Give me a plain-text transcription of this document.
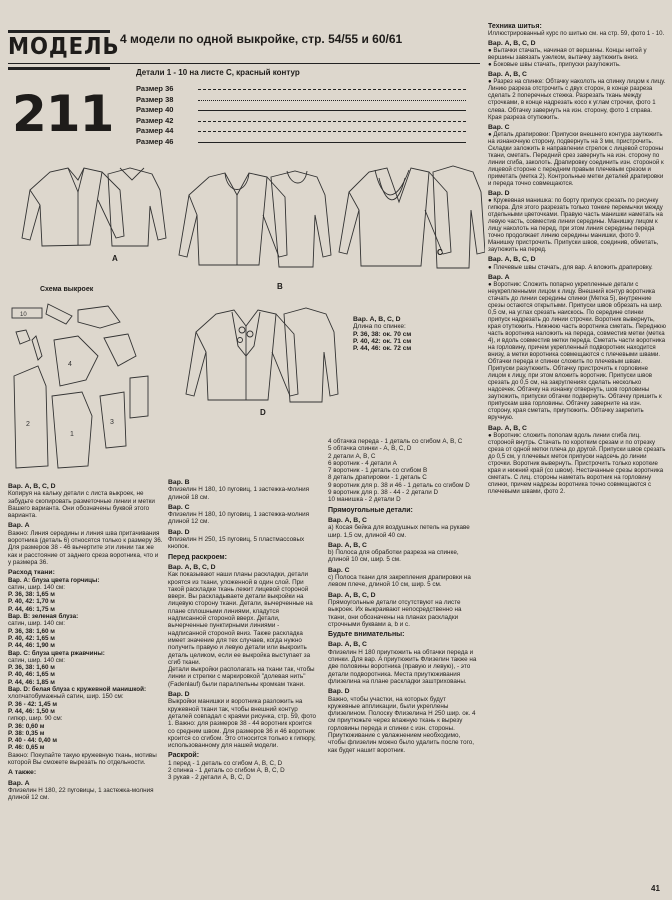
МОДЕЛЬ
211
4 модели по одной выкройке, стр. 54/55 и 60/61
Детали 1 - 10 на листе С, красный контур
Размер 36
Размер 38
Размер 40
Размер 42
Размер 44
Размер 46
A
B
C
Схема выкроек
2
1
3
4
10
D

Вар. A, B, C, D

Длина по спинке:

P. 36, 38: ок. 70 см

P. 40, 42: ок. 71 см

P. 44, 46: ок. 72 см

Вар. A, B, C, D

Копируя на кальку детали с листа выкроек, не забудьте скопировать разметочные линии и метки Вашего варианта. Они обозначены буквой этого варианта.

Вар. A

Важно: Линия середины и линия шва притачивания воротника (деталь 6) относятся только к размеру 36. Для размеров 38 - 46 вычертите эти линии так же как и расстояние от заднего среза воротника, что и у размера 36.

Расход ткани:

Вар. A: блуза цвета горчицы:

сатин, шир. 140 см:

P. 36, 38: 1,65 м

P. 40, 42: 1,70 м

P. 44, 46: 1,75 м

Вар. B: зеленая блуза:

сатин, шир. 140 см:

P. 36, 38: 1,60 м

P. 40, 42: 1,65 м

P. 44, 46: 1,90 м

Вар. C: блуза цвета ржавчины:

сатин, шир. 140 см:

P. 36, 38: 1,60 м

P. 40, 46: 1,65 м

P. 44, 46: 1,85 м

Вар. D: белая блуза с кружевной манишкой:

хлопчатобумажный сатин, шир. 150 см:

P. 36 - 42: 1,45 м

P. 44, 46: 1,50 м

гипюр, шир. 90 см:

P. 36: 0,60 м

P. 38: 0,35 м

P. 40 - 44: 0,40 м

P. 46: 0,65 м

Важно: Покупайте такую кружевную ткань, мотивы которой Вы сможете вырезать по отдельности.

А также:

Вар. A

Флизелин Н 180, 22 пуговицы, 1 застежка-молния длиной 12 см.

Вар. B

Флизелин Н 180, 10 пуговиц, 1 застежка-молния длиной 18 см.

Вар. C

Флизелин Н 180, 10 пуговиц, 1 застежка-молния длиной 12 см.

Вар. D

Флизелин Н 250, 15 пуговиц, 5 пластмассовых кнопок.

Перед раскроем:

Вар. A, B, C, D

Как показывают наши планы раскладки, детали кроятся из ткани, уложенной в один слой. При такой раскладке ткань лежит лицевой стороной вверх. Вы раскладываете детали выкройки на лицевую сторону ткани. Детали, вычерченные на плане сплошными линиями, кладутся надписанной стороной вверх. Детали, вычерченные пунктирными линиями - надписанной стороной вниз. Также раскладка имеет значение для тех случаев, когда нужно получить правую и левую детали или выкроить деталь целиком, если ее выкройка выступает за сгиб ткани.

Детали выкройки располагать на ткани так, чтобы линии и стрелки с маркировкой "долевая нить" (Fadenlauf) были параллельны кромкам ткани.

Вар. D

Выкройки манишки и воротника разложить на кружевной ткани так, чтобы внешний контур деталей совпадал с краями рисунка, стр. 59, фото 1. Важно: для размеров 38 - 44 воротник кроится со средним швом. Для размеров 36 и 46 воротник кроится со сгибом. Это относится только к гипюру, использованному для нашей модели.

Раскрой:

1 перед - 1 деталь со сгибом A, B, C, D

2 спинка - 1 деталь со сгибом A, B, C, D

3 рукав - 2 детали A, B, C, D

4 обтачка переда - 1 деталь со сгибом A, B, C

5 обтачка спинки - A, B, C, D

2 детали A, B, C

6 воротник - 4 детали A

7 воротник - 1 деталь со сгибом B

8 деталь драпировки - 1 деталь C

9 воротник для р. 38 и 46 - 1 деталь со сгибом D

9 воротник для р. 38 - 44 - 2 детали D

10 манишка - 2 детали D

Прямоугольные детали:

Вар. A, B, C

a) Косая бейка для воздушных петель на рукаве шир. 1,5 см, длиной 40 см.

Вар. A, B, C

b) Полоса для обработки разреза на спинке, длиной 10 см, шир. 5 см.

Вар. C

c) Полоса ткани для закрепления драпировки на левом плече, длиной 10 см, шир. 5 см.

Вар. A, B, C, D

Прямоугольные детали отсутствуют на листе выкроек. Их выкраивают непосредственно на ткани, они обозначены на планах раскладки строчными буквами a, b и c.

Будьте внимательны:

Вар. A, B, C

Флизелин Н 180 приутюжить на обтачки переда и спинки. Для вар. A приутюжить Флизелин также на две половины воротника (правую и левую), - это детали подворотника. Места приутюживания флизелина на плане раскладки заштрихованы.

Вар. D

Важно, чтобы участки, на которых будут кружевные аппликации, были укреплены флизелином. Полоску Флизелина Н 250 шир. ок. 4 см приутюжьте через влажную ткань к вырезу горловины переда и спинки с изн. стороны. Приутюживание с увлажнением необходимо, чтобы флизелин можно было удалить после того, как будет нашит воротник.

Техника шитья:

Иллюстрированный курс по шитью см. на стр. 59, фото 1 - 10.

Вар. A, B, C, D

● Вытачки стачать, начиная от вершины. Концы нитей у вершины завязать узелком, вытачку заутюжить вниз.

● Боковые швы стачать, припуски разутюжить.

Вар. A, B, C

● Разрез на спинке: Обтачку наколоть на спинку лицом к лицу. Линию разреза отстрочить с двух сторон, в конце разреза сделать 2 поперечных стежка. Разрезать ткань между строчками, в конце надрезать косо к углам строчки, фото 1 слева. Обтачку завернуть на изн. сторону, фото 1 справа. Края разреза отутюжить.

Вар. C

● Деталь драпировки: Припуски внешнего контура заутюжить на изнаночную сторону, подвернуть на 3 мм, пристрочить. Складки заложить в направлении стрелок с лицевой стороны ткани, сметать. Передний срез завернуть на изн. сторону по линии сгиба, заколоть. Драпировку соединить изн. стороной к лицевой стороне с передним правым плечевым срезом и приметать (метка 2). Контрольные метки деталей драпировки и переда точно совмещаются.

Вар. D

● Кружевная манишка: по борту припуск срезать по рисунку гипюра. Для этого разрезать только тонкие перемычки между отдельными цветочками. Правую часть манишки наметать на левую часть, совместив линии середины. Манишку лицом к лицу наколоть на перед, при этом линия середины переда точно продолжает линию середины манишки, фото 9. Манишку пристрочить. Припуски швов, соединив, обметать, заутюжить на перед.

Вар. A, B, C, D

● Плечевые швы стачать, для вар. A вложить драпировку.

Вар. A

● Воротник: Сложить попарно укрепленные детали с неукрепленными лицом к лицу. Внешний контур воротника стачать до линии середины спинки (Метка 5), внутренние срезы остаются открытыми. Припуски швов обрезать на шир. 0,5 см, на углах срезать наискось. По середине спинки припуск надрезать до линии строчки. Воротник вывернуть, края отутюжить. Нижнюю часть воротника сметать. Переднюю часть воротника наложить на переда, совместив метки (метка 4), и вдоль совместив метки переда. Сметать части воротника на горловину, причем укрепленный подворотник находится внизу, а метки воротника совмещаются с плечевыми швами. Обтачки переда и спинки сложить по плечевым швам. Припуски разутюжить. Обтачку пристрочить к горловине лицом к лицу, при этом вложить воротник. Припуски швов срезать до 0,5 см, на закруглениях сделать несколько надсечек. Обтачку на изнанку отвернуть, шов горловины заутюжить, припуски обтачки подвернуть. Обтачку пришить к припускам шва горловины. Обтачку заверните на изн. сторону, края сметать, приутюжить. Обтачку закрепить вручную.

Вар. A, B, C

● Воротник: сложить пополам вдоль линии сгиба лиц. стороной внутрь. Стачать по коротким срезам и по отрезку среза от одной метки плеча до другой. Припуски швов срезать до 0,5 см, у плечевых меток припуски надсечь до линии строчки. Воротник вывернуть. Пристрочить только короткие края и нижний край (со швом). Нестачанные срезы воротника сметать. С лиц. стороны наметать воротник на горловину спинки, причем надрезы воротника точно совмещаются с плечевыми швами, фото 2.

41
